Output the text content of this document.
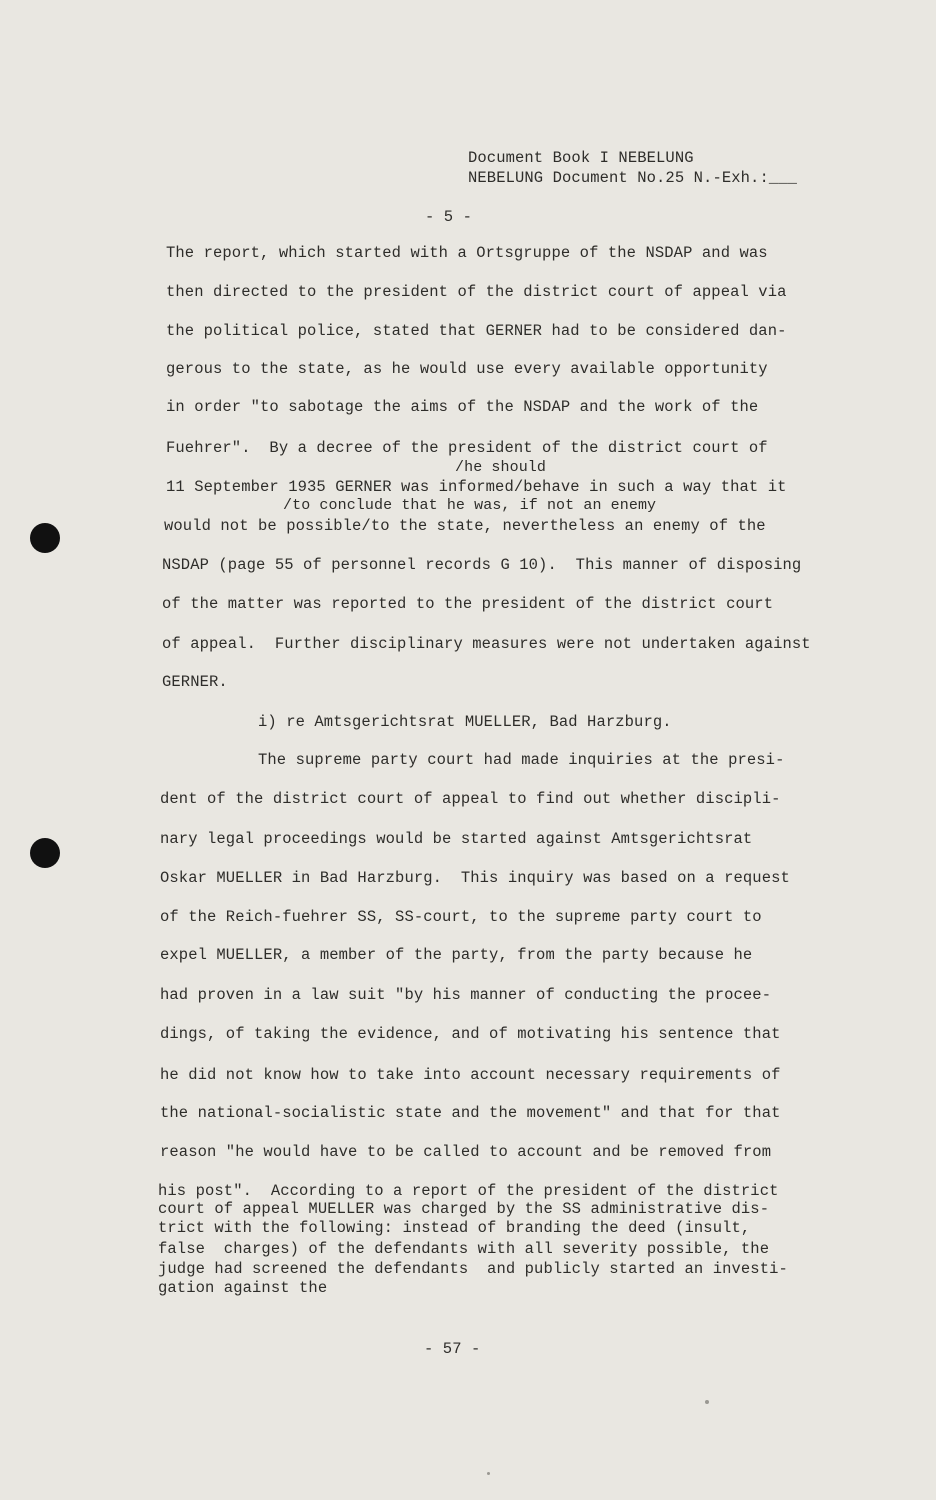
Document Book I NEBELUNG
NEBELUNG Document No.25 N.-Exh.:___
- 5 -
The report, which started with a Ortsgruppe of the NSDAP and was
then directed to the president of the district court of appeal via
the political police, stated that GERNER had to be considered dan-
gerous to the state, as he would use every available opportunity
in order "to sabotage the aims of the NSDAP and the work of the
Fuehrer".  By a decree of the president of the district court of
/he should
11 September 1935 GERNER was informed/behave in such a way that it
/to conclude that he was, if not an enemy
would not be possible/to the state, nevertheless an enemy of the
NSDAP (page 55 of personnel records G 10).  This manner of disposing
of the matter was reported to the president of the district court
of appeal.  Further disciplinary measures were not undertaken against
GERNER.
i) re Amtsgerichtsrat MUELLER, Bad Harzburg.
The supreme party court had made inquiries at the presi-
dent of the district court of appeal to find out whether discipli-
nary legal proceedings would be started against Amtsgerichtsrat
Oskar MUELLER in Bad Harzburg.  This inquiry was based on a request
of the Reich-fuehrer SS, SS-court, to the supreme party court to
expel MUELLER, a member of the party, from the party because he
had proven in a law suit "by his manner of conducting the procee-
dings, of taking the evidence, and of motivating his sentence that
he did not know how to take into account necessary requirements of
the national-socialistic state and the movement" and that for that
reason "he would have to be called to account and be removed from
his post".  According to a report of the president of the district
court of appeal MUELLER was charged by the SS administrative dis-
trict with the following: instead of branding the deed (insult,
false  charges) of the defendants with all severity possible, the
judge had screened the defendants  and publicly started an investi-
gation against the
- 57 -
